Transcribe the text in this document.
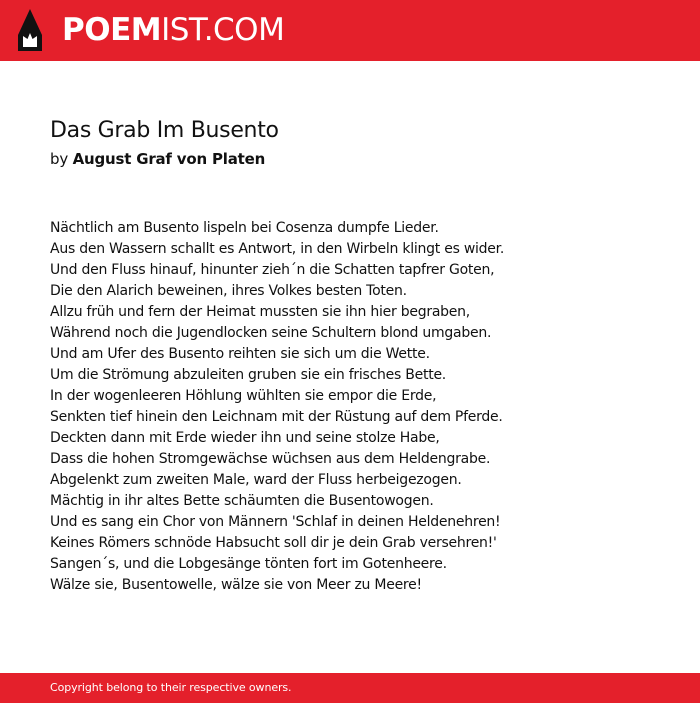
POEMIST.COM
Das Grab Im Busento
by August Graf von Platen
Nächtlich am Busento lispeln bei Cosenza dumpfe Lieder.
Aus den Wassern schallt es Antwort, in den Wirbeln klingt es wider.
Und den Fluss hinauf, hinunter zieh´n die Schatten tapfrer Goten,
Die den Alarich beweinen, ihres Volkes besten Toten.
Allzu früh und fern der Heimat mussten sie ihn hier begraben,
Während noch die Jugendlocken seine Schultern blond umgaben.
Und am Ufer des Busento reihten sie sich um die Wette.
Um die Strömung abzuleiten gruben sie ein frisches Bette.
In der wogenleeren Höhlung wühlten sie empor die Erde,
Senkten tief hinein den Leichnam mit der Rüstung auf dem Pferde.
Deckten dann mit Erde wieder ihn und seine stolze Habe,
Dass die hohen Stromgewächse wüchsen aus dem Heldengrabe.
Abgelenkt zum zweiten Male, ward der Fluss herbeigezogen.
Mächtig in ihr altes Bette schäumten die Busentowogen.
Und es sang ein Chor von Männern 'Schlaf in deinen Heldenehren!
Keines Römers schnöde Habsucht soll dir je dein Grab versehren!'
Sangen´s, und die Lobgesänge tönten fort im Gotenheere.
Wälze sie, Busentowelle, wälze sie von Meer zu Meere!
Copyright belong to their respective owners.
